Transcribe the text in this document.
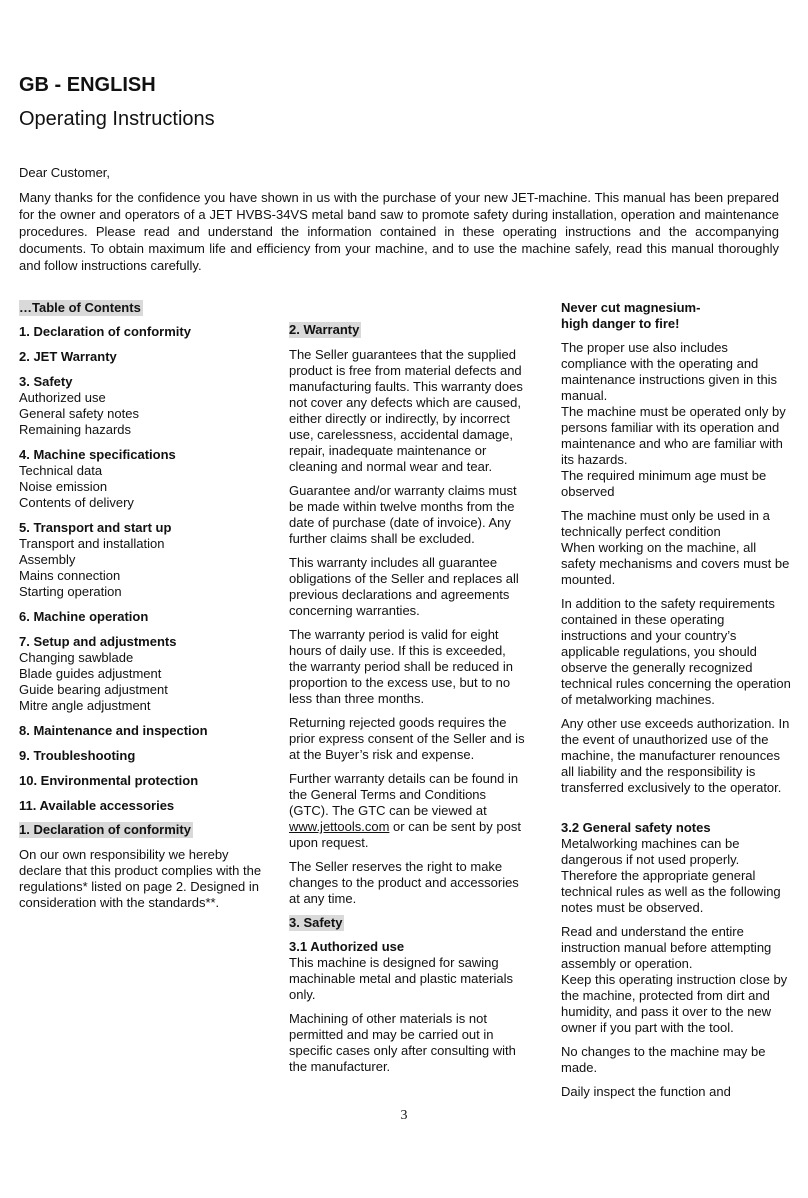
GB - ENGLISH
Operating Instructions
Dear Customer,
Many thanks for the confidence you have shown in us with the purchase of your new JET-machine. This manual has been prepared for the owner and operators of a JET HVBS-34VS metal band saw to promote safety during installation, operation and maintenance procedures. Please read and understand the information contained in these operating instructions and the accompanying documents. To obtain maximum life and efficiency from your machine, and to use the machine safely, read this manual thoroughly and follow instructions carefully.
…Table of Contents
1. Declaration of conformity
2. JET Warranty
3. Safety
Authorized use
General safety notes
Remaining hazards
4. Machine specifications
Technical data
Noise emission
Contents of delivery
5. Transport and start up
Transport and installation
Assembly
Mains connection
Starting operation
6. Machine operation
7. Setup and adjustments
Changing sawblade
Blade guides adjustment
Guide bearing adjustment
Mitre angle adjustment
8. Maintenance and inspection
9. Troubleshooting
10. Environmental protection
11. Available accessories
1. Declaration of conformity

On our own responsibility we hereby declare that this product complies with the regulations* listed on page 2. Designed in consideration with the standards**.

2. Warranty

The Seller guarantees that the supplied product is free from material defects and manufacturing faults. This warranty does not cover any defects which are caused, either directly or indirectly, by incorrect use, carelessness, accidental damage, repair, inadequate maintenance or cleaning and normal wear and tear.

Guarantee and/or warranty claims must be made within twelve months from the date of purchase (date of invoice). Any further claims shall be excluded.

This warranty includes all guarantee obligations of the Seller and replaces all previous declarations and agreements concerning warranties.

The warranty period is valid for eight hours of daily use. If this is exceeded, the warranty period shall be reduced in proportion to the excess use, but to no less than three months.

Returning rejected goods requires the prior express consent of the Seller and is at the Buyer’s risk and expense.

Further warranty details can be found in the General Terms and Conditions (GTC). The GTC can be viewed at www.jettools.com or can be sent by post upon request.

The Seller reserves the right to make changes to the product and accessories at any time.

3. Safety
3.1 Authorized use

This machine is designed for sawing machinable metal and plastic materials only.

Machining of other materials is not permitted and may be carried out in specific cases only after consulting with the manufacturer.

Never cut magnesium-
high danger to fire!
The proper use also includes compliance with the operating and maintenance instructions given in this manual.
The machine must be operated only by persons familiar with its operation and maintenance and who are familiar with its hazards.

The required minimum age must be observed

The machine must only be used in a technically perfect condition

When working on the machine, all safety mechanisms and covers must be mounted.

In addition to the safety requirements contained in these operating instructions and your country’s applicable regulations, you should observe the generally recognized technical rules concerning the operation of metalworking machines.

Any other use exceeds authorization. In the event of unauthorized use of the machine, the manufacturer renounces all liability and the responsibility is transferred exclusively to the operator.

3.2 General safety notes

Metalworking machines can be dangerous if not used properly. Therefore the appropriate general technical rules as well as the following notes must be observed.

Read and understand the entire instruction manual before attempting assembly or operation.

Keep this operating instruction close by the machine, protected from dirt and humidity, and pass it over to the new owner if you part with the tool.

No changes to the machine may be made.

Daily inspect the function and

3
